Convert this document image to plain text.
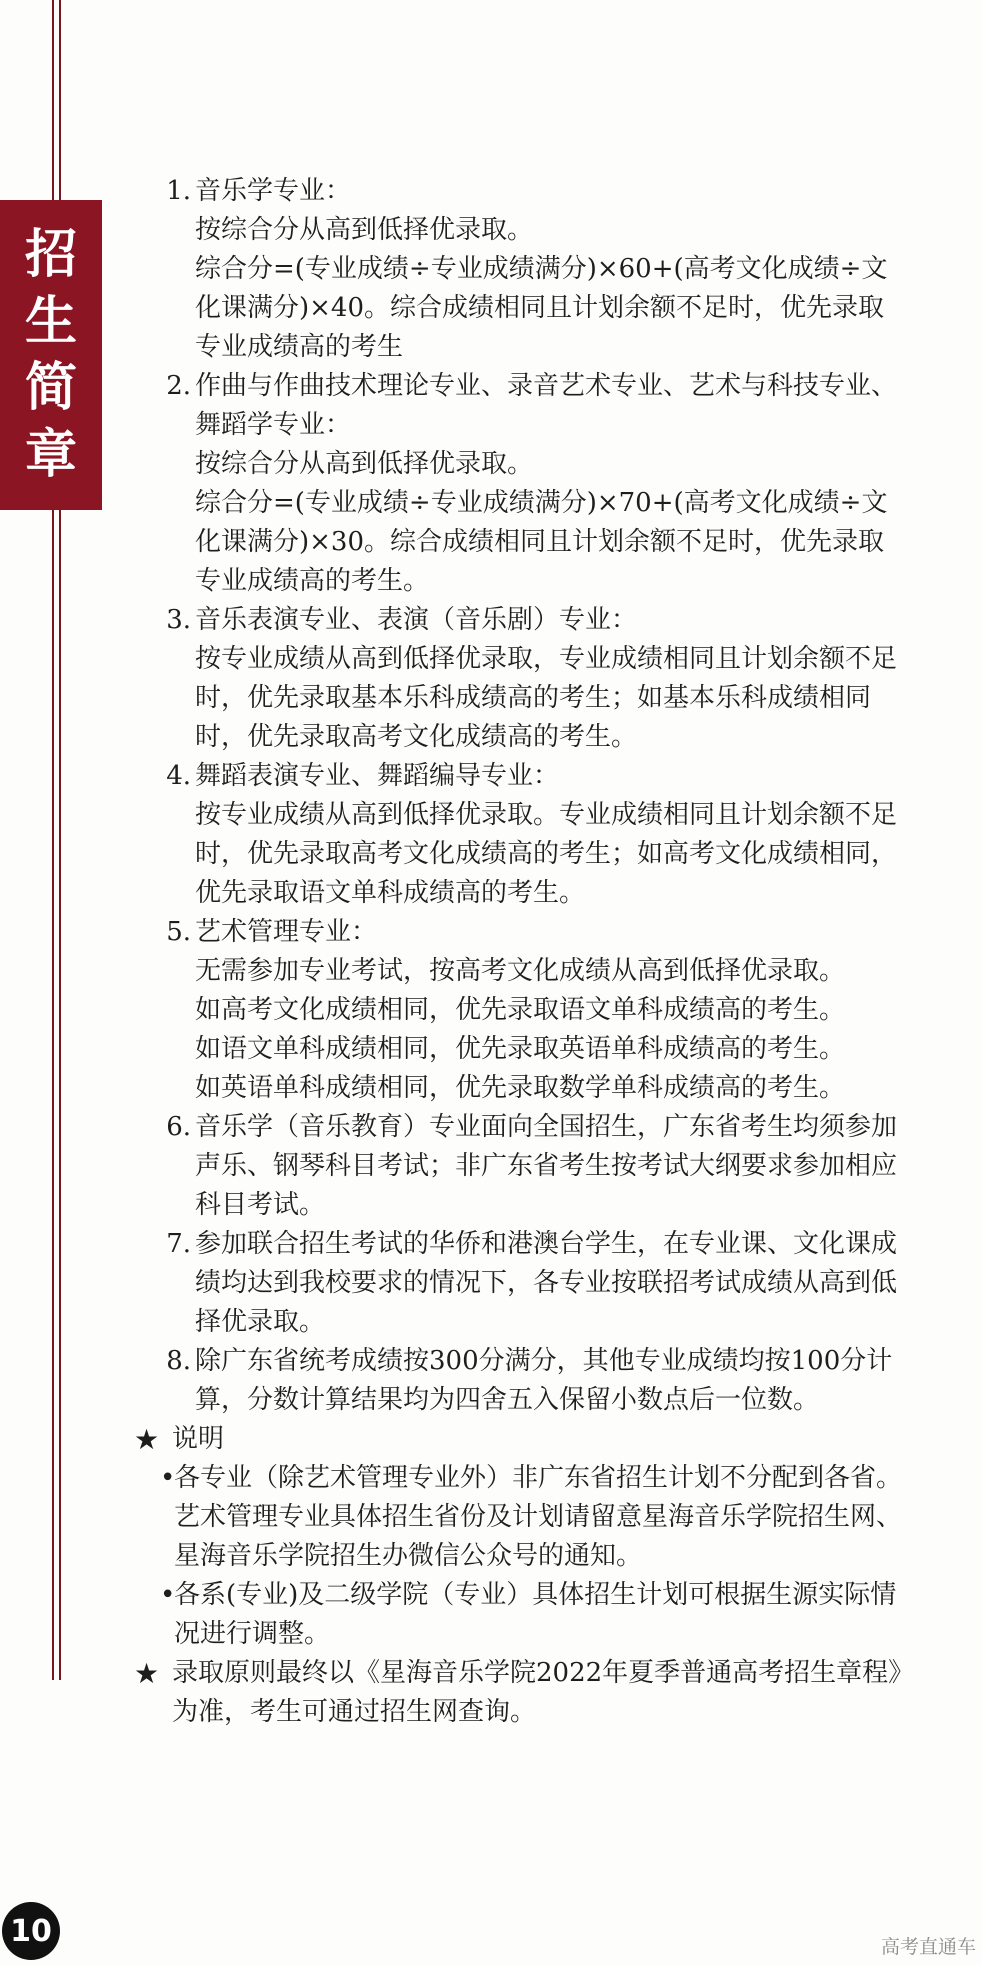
招
生
简
章
1. 音乐学专业：
按综合分从高到低择优录取。
综合分=(专业成绩÷专业成绩满分)×60+(高考文化成绩÷文化课满分)×40。综合成绩相同且计划余额不足时，优先录取专业成绩高的考生
2. 作曲与作曲技术理论专业、录音艺术专业、艺术与科技专业、舞蹈学专业：
按综合分从高到低择优录取。
综合分=(专业成绩÷专业成绩满分)×70+(高考文化成绩÷文化课满分)×30。综合成绩相同且计划余额不足时，优先录取专业成绩高的考生。
3. 音乐表演专业、表演（音乐剧）专业：
按专业成绩从高到低择优录取，专业成绩相同且计划余额不足时，优先录取基本乐科成绩高的考生；如基本乐科成绩相同时，优先录取高考文化成绩高的考生。
4. 舞蹈表演专业、舞蹈编导专业：
按专业成绩从高到低择优录取。专业成绩相同且计划余额不足时，优先录取高考文化成绩高的考生；如高考文化成绩相同，优先录取语文单科成绩高的考生。
5. 艺术管理专业：
无需参加专业考试，按高考文化成绩从高到低择优录取。
如高考文化成绩相同，优先录取语文单科成绩高的考生。
如语文单科成绩相同，优先录取英语单科成绩高的考生。
如英语单科成绩相同，优先录取数学单科成绩高的考生。
6. 音乐学（音乐教育）专业面向全国招生，广东省考生均须参加声乐、钢琴科目考试；非广东省考生按考试大纲要求参加相应科目考试。
7. 参加联合招生考试的华侨和港澳台学生，在专业课、文化课成绩均达到我校要求的情况下，各专业按联招考试成绩从高到低择优录取。
8. 除广东省统考成绩按300分满分，其他专业成绩均按100分计算，分数计算结果均为四舍五入保留小数点后一位数。
★ 说明
•
各专业（除艺术管理专业外）非广东省招生计划不分配到各省。艺术管理专业具体招生省份及计划请留意星海音乐学院招生网、星海音乐学院招生办微信公众号的通知。
•
各系(专业)及二级学院（专业）具体招生计划可根据生源实际情况进行调整。
★ 录取原则最终以《星海音乐学院2022年夏季普通高考招生章程》为准，考生可通过招生网查询。
10	高考直通车
